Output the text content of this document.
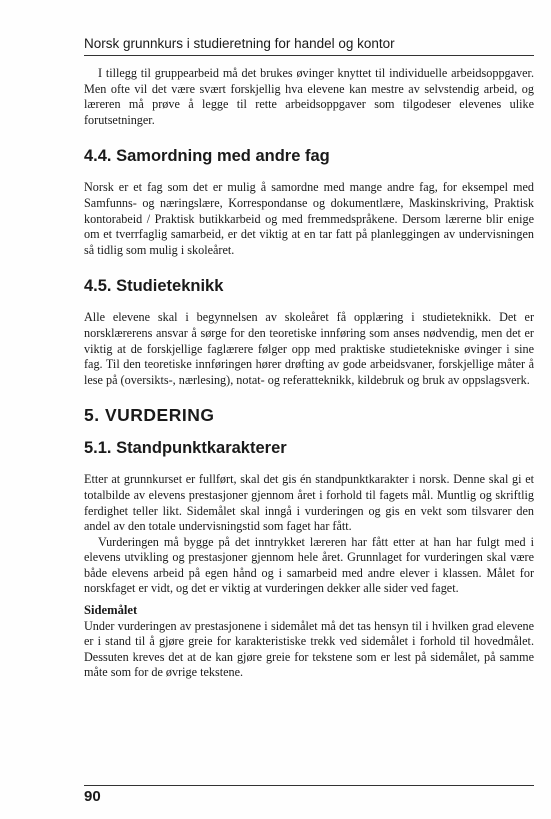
Norsk grunnkurs i studieretning for handel og kontor

I tillegg til gruppearbeid må det brukes øvinger knyttet til individuelle arbeidsoppgaver. Men ofte vil det være svært forskjellig hva elevene kan mestre av selvstendig arbeid, og læreren må prøve å legge til rette arbeidsoppgaver som tilgodeser elevenes ulike forutsetninger.

4.4. Samordning med andre fag

Norsk er et fag som det er mulig å samordne med mange andre fag, for eksempel med Samfunns- og næringslære, Korrespondanse og dokumentlære, Maskinskriving, Praktisk kontorabeid / Praktisk butikkarbeid og med fremmedspråkene. Dersom lærerne blir enige om et tverrfaglig samarbeid, er det viktig at en tar fatt på planleggingen av undervisningen så tidlig som mulig i skoleåret.

4.5. Studieteknikk

Alle elevene skal i begynnelsen av skoleåret få opplæring i studieteknikk. Det er norsklærerens ansvar å sørge for den teoretiske innføring som anses nødvendig, men det er viktig at de forskjellige faglærere følger opp med praktiske studietekniske øvinger i sine fag. Til den teoretiske innføringen hører drøfting av gode arbeidsvaner, forskjellige måter å lese på (oversikts-, nærlesing), notat- og referatteknikk, kildebruk og bruk av oppslagsverk.

5. VURDERING
5.1. Standpunktkarakterer

Etter at grunnkurset er fullført, skal det gis én standpunktkarakter i norsk. Denne skal gi et totalbilde av elevens prestasjoner gjennom året i forhold til fagets mål. Muntlig og skriftlig ferdighet teller likt. Sidemålet skal inngå i vurderingen og gis en vekt som tilsvarer den andel av den totale undervisningstid som faget har fått.

Vurderingen må bygge på det inntrykket læreren har fått etter at han har fulgt med i elevens utvikling og prestasjoner gjennom hele året. Grunnlaget for vurderingen skal være både elevens arbeid på egen hånd og i samarbeid med andre elever i klassen. Målet for norskfaget er vidt, og det er viktig at vurderingen dekker alle sider ved faget.

Sidemålet

Under vurderingen av prestasjonene i sidemålet må det tas hensyn til i hvilken grad elevene er i stand til å gjøre greie for karakteristiske trekk ved sidemålet i forhold til hovedmålet. Dessuten kreves det at de kan gjøre greie for tekstene som er lest på sidemålet, på samme måte som for de øvrige tekstene.

90
